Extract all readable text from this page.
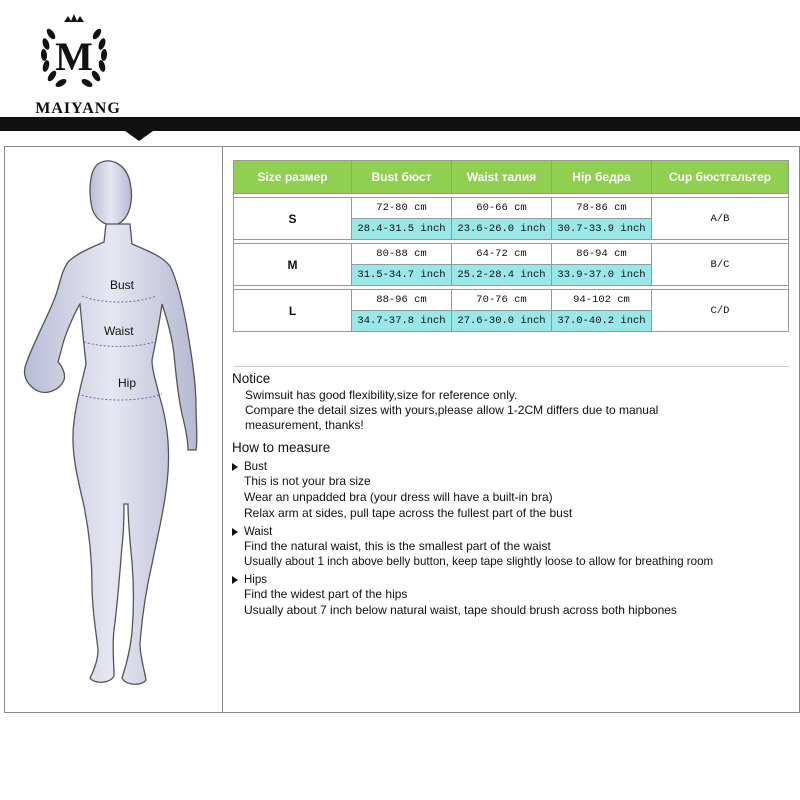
M
MAIYANG
Bust
Waist
Hip
Size размер	Bust бюст	Waist талия	Hip бедра	Cup бюстгальтер

S	72-80 cm	60-66 cm	78-86 cm	A/B
	28.4-31.5 inch	23.6-26.0 inch	30.7-33.9 inch	

M	80-88 cm	64-72 cm	86-94 cm	B/C
	31.5-34.7 inch	25.2-28.4 inch	33.9-37.0 inch	

L	88-96 cm	70-76 cm	94-102 cm	C/D
	34.7-37.8 inch	27.6-30.0 inch	37.0-40.2 inch	
Notice
Swimsuit has good flexibility,size for reference only.
Compare the detail sizes with yours,please allow 1-2CM differs due to manual
measurement, thanks!
How to measure
Bust
This is not your bra size
Wear an unpadded bra (your dress will have a built-in bra)
Relax arm at sides, pull tape across the fullest part of the bust
Waist
Find the natural waist, this is the smallest part of the waist
Usually about 1 inch above belly button, keep tape slightly loose to allow for breathing room
Hips
Find the widest part of the hips
Usually about 7 inch below natural waist, tape should brush across both hipbones
